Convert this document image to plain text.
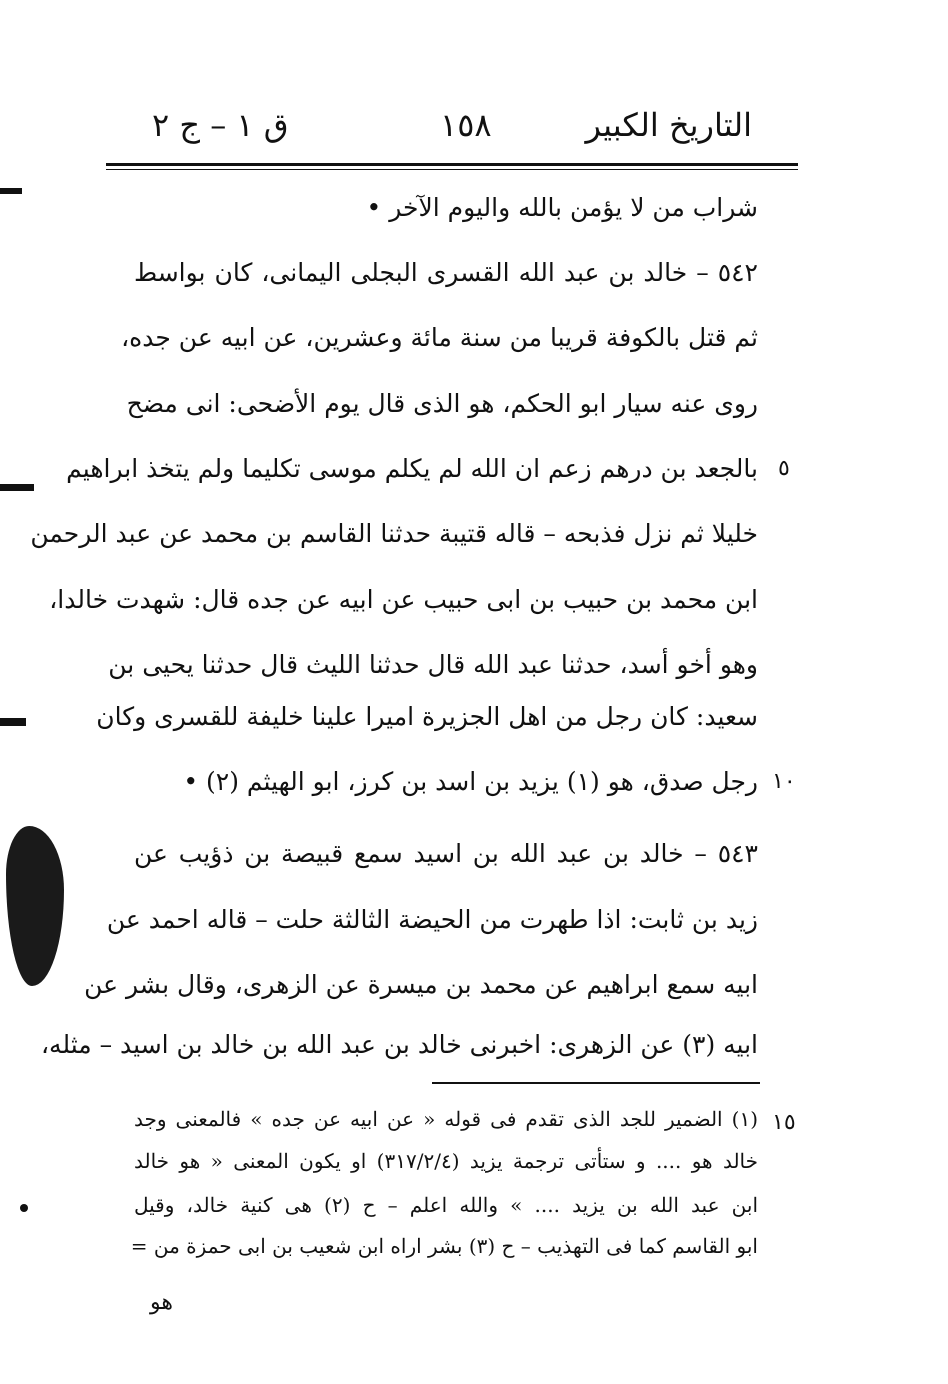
التاريخ الكبير
١٥٨
ق ١ – ج ٢
شراب من لا يؤمن بالله واليوم الآخر •
٥٤٢ – خالد بن عبد الله القسرى البجلى اليمانى، كان بواسط
ثم قتل بالكوفة قريبا من سنة مائة وعشرين، عن ابيه عن جده،
روى عنه سيار ابو الحكم، هو الذى قال يوم الأضحى: انى مضح
بالجعد بن درهم زعم ان الله لم يكلم موسى تكليما ولم يتخذ ابراهيم
خليلا ثم نزل فذبحه – قاله قتيبة حدثنا القاسم بن محمد عن عبد الرحمن
ابن محمد بن حبيب بن ابى حبيب عن ابيه عن جده قال: شهدت خالدا،
وهو أخو أسد، حدثنا عبد الله قال حدثنا الليث قال حدثنا يحيى بن
سعيد: كان رجل من اهل الجزيرة اميرا علينا خليفة للقسرى وكان
رجل صدق، هو (١) يزيد بن اسد بن كرز، ابو الهيثم (٢) •
٥٤٣ – خالد بن عبد الله بن اسيد سمع قبيصة بن ذؤيب عن
زيد بن ثابت: اذا طهرت من الحيضة الثالثة حلت – قاله احمد عن
ابيه سمع ابراهيم عن محمد بن ميسرة عن الزهرى، وقال بشر عن
ابيه (٣) عن الزهرى: اخبرنى خالد بن عبد الله بن خالد بن اسيد – مثله،
٥
١٠
١٥
(١) الضمير للجد الذى تقدم فى قوله « عن ابيه عن جده » فالمعنى وجد
خالد هو .... و ستأتى ترجمة يزيد (٣١٧/٢/٤) او يكون المعنى « هو خالد
ابن عبد الله بن يزيد .... » والله اعلم – ح (٢) هى كنية خالد، وقيل
ابو القاسم كما فى التهذيب – ح (٣) بشر اراه ابن شعيب بن ابى حمزة من =
هو
